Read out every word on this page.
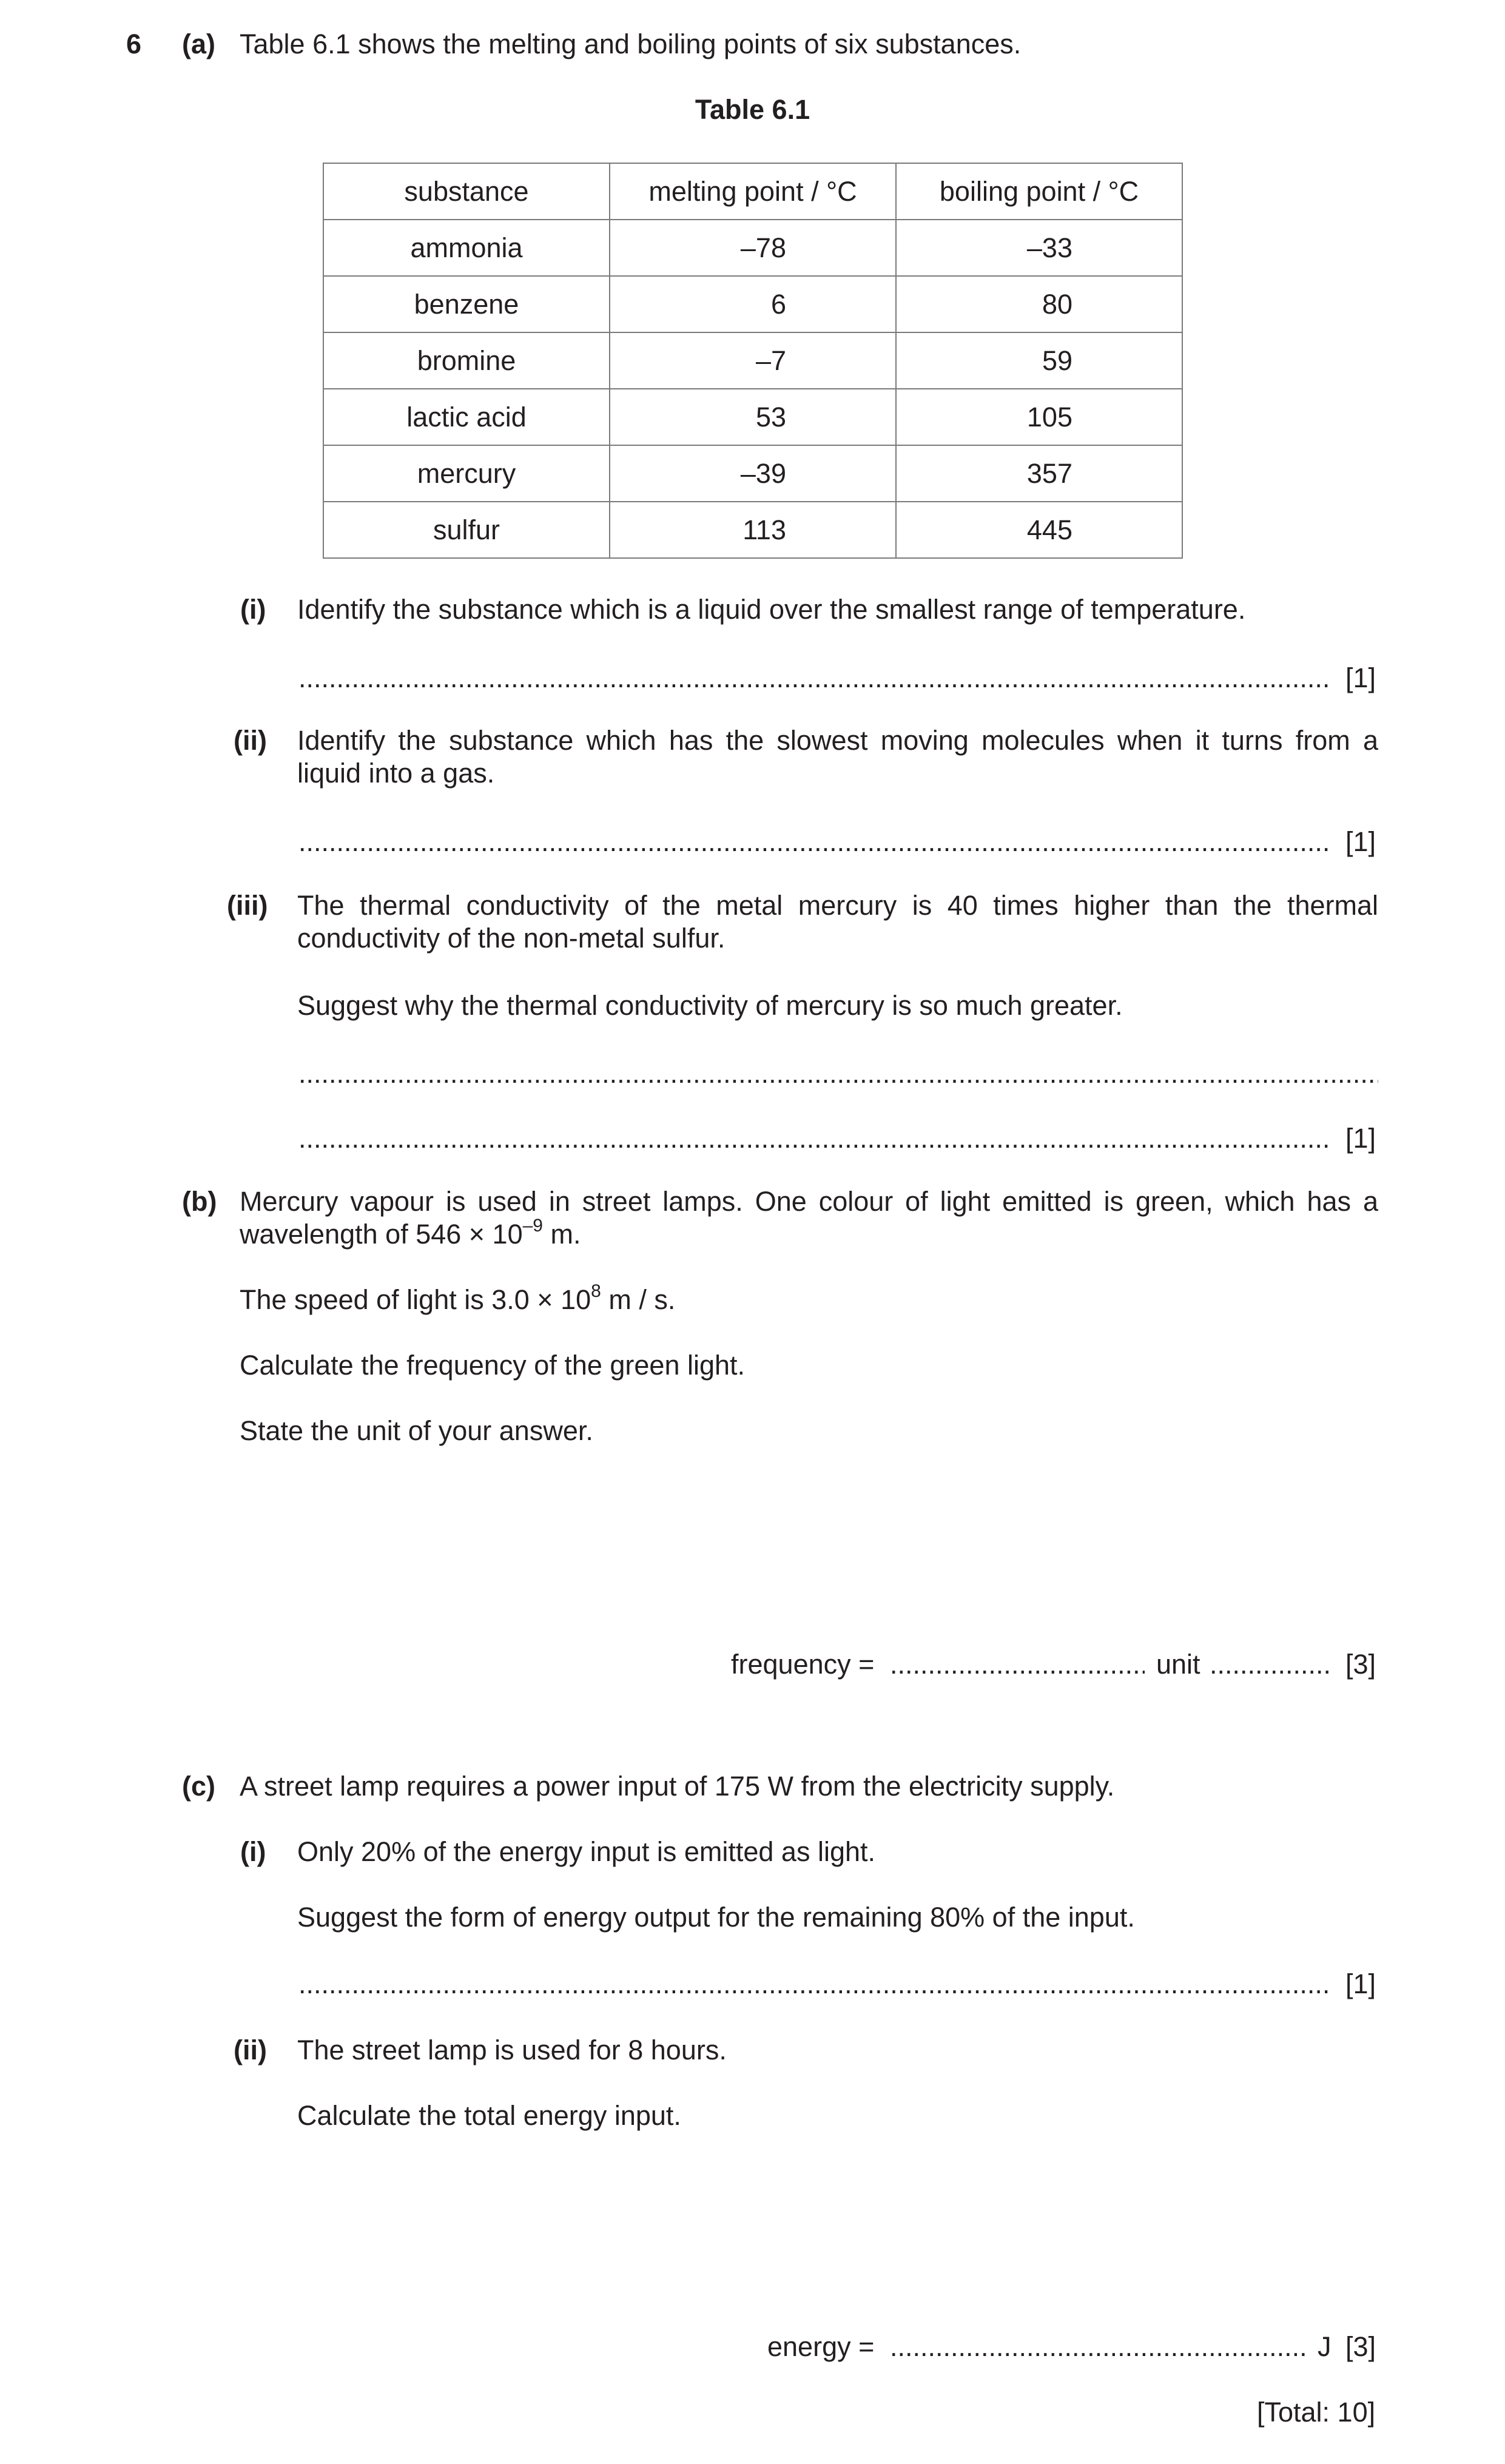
6 (a) Table 6.1 shows the melting and boiling points of six substances.
Table 6.1
substance	melting point / °C	boiling point / °C
ammonia	–78	–33
benzene	6	80
bromine	–7	59
lactic acid	53	105
mercury	–39	357
sulfur	113	445
(i) Identify the substance which is a liquid over the smallest range of temperature.
.....
[1]
(ii) Identify the substance which has the slowest moving molecules when it turns from a liquid into a gas.
.....
[1]
(iii) The thermal conductivity of the metal mercury is 40 times higher than the thermal conductivity of the non-metal sulfur.
Suggest why the thermal conductivity of mercury is so much greater.
.....
.....
[1]
(b) Mercury vapour is used in street lamps. One colour of light emitted is green, which has a wavelength of $546 \times 10^{-9}$ m.
The speed of light is $3.0 \times 10^8$ m / s.
Calculate the frequency of the green light.
State the unit of your answer.
frequency = .....	unit .....	[3]
(c) A street lamp requires a power input of 175 W from the electricity supply.
(i) Only 20% of the energy input is emitted as light.
Suggest the form of energy output for the remaining 80% of the input.
.....
[1]
(ii) The street lamp is used for 8 hours.
Calculate the total energy input.
energy = .....	J [3]
[Total: 10]
